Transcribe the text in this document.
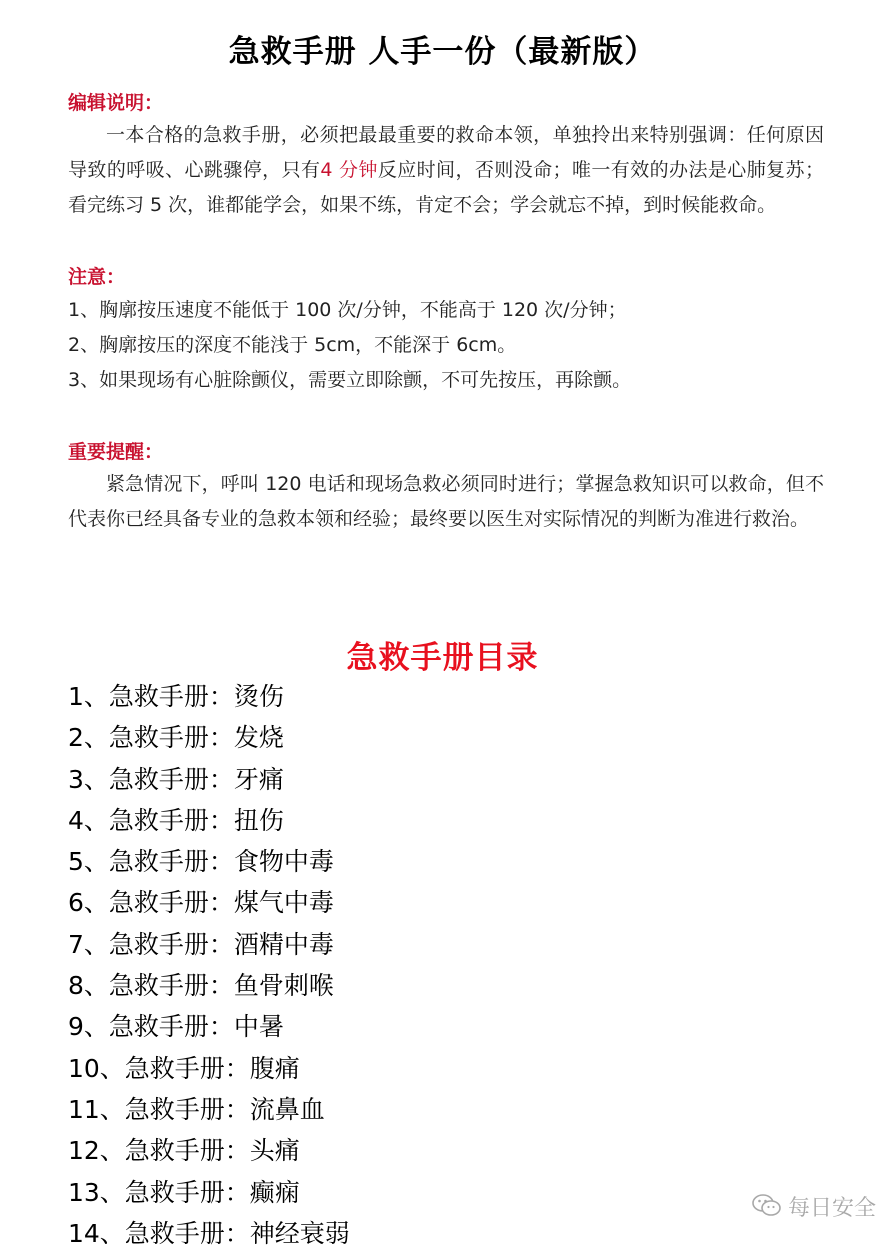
急救手册 人手一份（最新版）
编辑说明：
一本合格的急救手册，必须把最最重要的救命本领，单独拎出来特别强调：任何原因导致的呼吸、心跳骤停，只有4 分钟反应时间，否则没命；唯一有效的办法是心肺复苏；看完练习 5 次，谁都能学会，如果不练，肯定不会；学会就忘不掉，到时候能救命。
注意：
1、胸廓按压速度不能低于 100 次/分钟，不能高于 120 次/分钟；
2、胸廓按压的深度不能浅于 5cm，不能深于 6cm。
3、如果现场有心脏除颤仪，需要立即除颤，不可先按压，再除颤。
重要提醒：
紧急情况下，呼叫 120 电话和现场急救必须同时进行；掌握急救知识可以救命，但不代表你已经具备专业的急救本领和经验；最终要以医生对实际情况的判断为准进行救治。
急救手册目录
1、急救手册：烫伤
2、急救手册：发烧
3、急救手册：牙痛
4、急救手册：扭伤
5、急救手册：食物中毒
6、急救手册：煤气中毒
7、急救手册：酒精中毒
8、急救手册：鱼骨刺喉
9、急救手册：中暑
10、急救手册：腹痛
11、急救手册：流鼻血
12、急救手册：头痛
13、急救手册：癫痫
14、急救手册：神经衰弱
每日安全
